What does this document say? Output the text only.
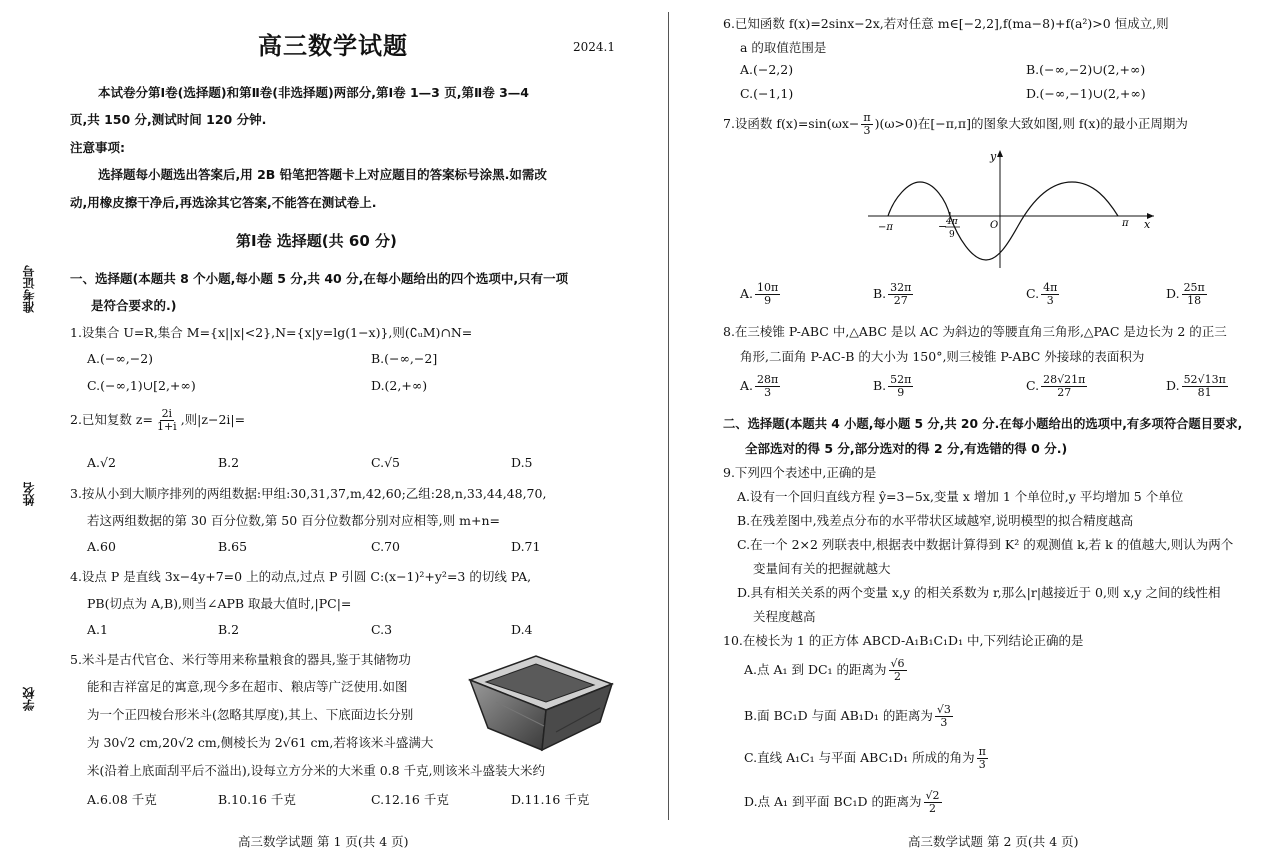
准考证号
姓名
学校
高三数学试题	2024.1
本试卷分第Ⅰ卷(选择题)和第Ⅱ卷(非选择题)两部分,第Ⅰ卷 1—3 页,第Ⅱ卷 3—4
页,共 150 分,测试时间 120 分钟.
注意事项:
选择题每小题选出答案后,用 2B 铅笔把答题卡上对应题目的答案标号涂黑.如需改
动,用橡皮擦干净后,再选涂其它答案,不能答在测试卷上.
第Ⅰ卷 选择题(共 60 分)
一、选择题(本题共 8 个小题,每小题 5 分,共 40 分,在每小题给出的四个选项中,只有一项
是符合要求的.)
1.设集合 U=R,集合 M={x||x|<2},N={x|y=lg(1−x)},则(∁ᵤM)∩N=
A.(−∞,−2)	B.(−∞,−2]
C.(−∞,1)∪[2,+∞)	D.(2,+∞)
2.已知复数 $z= \frac{2i}{1+i}$ ,则|z−2i|=
A.√2	B.2	C.√5	D.5
3.按从小到大顺序排列的两组数据:甲组:30,31,37,m,42,60;乙组:28,n,33,44,48,70,
若这两组数据的第 30 百分位数,第 50 百分位数都分别对应相等,则 m+n=
A.60	B.65	C.70	D.71
4.设点 P 是直线 3x−4y+7=0 上的动点,过点 P 引圆 C:(x−1)²+y²=3 的切线 PA,
PB(切点为 A,B),则当∠APB 取最大值时,|PC|=
A.1	B.2	C.3	D.4
5.米斗是古代官仓、米行等用来称量粮食的器具,鉴于其储物功
能和吉祥富足的寓意,现今多在超市、粮店等广泛使用.如图
为一个正四棱台形米斗(忽略其厚度),其上、下底面边长分别
为 30√2 cm,20√2 cm,侧棱长为 2√61 cm,若将该米斗盛满大
米(沿着上底面刮平后不溢出),设每立方分米的大米重 0.8 千克,则该米斗盛装大米约
A.6.08 千克	B.10.16 千克	C.12.16 千克	D.11.16 千克
高三数学试题 第 1 页(共 4 页)
6.已知函数 f(x)=2sinx−2x,若对任意 m∈[−2,2],f(ma−8)+f(a²)>0 恒成立,则
a 的取值范围是
A.(−2,2)	B.(−∞,−2)∪(2,+∞)
C.(−1,1)	D.(−∞,−1)∪(2,+∞)
7.设函数 $f(x)=\sin(\omega x- \frac{\pi}{3} )(\omega>0)$在[−π,π]的图象大致如图,则 f(x)的最小正周期为
−π	−
4π
9
O
y
π x
A. $\frac{10\pi}{9}$	B. $\frac{32\pi}{27}$	C. $\frac{4\pi}{3}$	D. $\frac{25\pi}{18}$
8.在三棱锥 P-ABC 中,△ABC 是以 AC 为斜边的等腰直角三角形,△PAC 是边长为 2 的正三
角形,二面角 P-AC-B 的大小为 150°,则三棱锥 P-ABC 外接球的表面积为
A. $\frac{28\pi}{3}$	B. $\frac{52\pi}{9}$	C. $\frac{28√21\pi}{27}$	D. $\frac{52√13\pi}{81}$
二、选择题(本题共 4 小题,每小题 5 分,共 20 分.在每小题给出的选项中,有多项符合题目要求,
全部选对的得 5 分,部分选对的得 2 分,有选错的得 0 分.)
9.下列四个表述中,正确的是
A.设有一个回归直线方程 ŷ=3−5x,变量 x 增加 1 个单位时,y 平均增加 5 个单位
B.在残差图中,残差点分布的水平带状区域越窄,说明模型的拟合精度越高
C.在一个 2×2 列联表中,根据表中数据计算得到 K² 的观测值 k,若 k 的值越大,则认为两个
变量间有关的把握就越大
D.具有相关关系的两个变量 x,y 的相关系数为 r,那么|r|越接近于 0,则 x,y 之间的线性相
关程度越高
10.在棱长为 1 的正方体 ABCD-A₁B₁C₁D₁ 中,下列结论正确的是
A.点 A₁ 到 DC₁ 的距离为 $\frac{√6}{2}$
B.面 BC₁D 与面 AB₁D₁ 的距离为 $\frac{√3}{3}$
C.直线 A₁C₁ 与平面 ABC₁D₁ 所成的角为 $\frac{\pi}{3}$
D.点 A₁ 到平面 BC₁D 的距离为 $\frac{√2}{2}$
高三数学试题 第 2 页(共 4 页)
